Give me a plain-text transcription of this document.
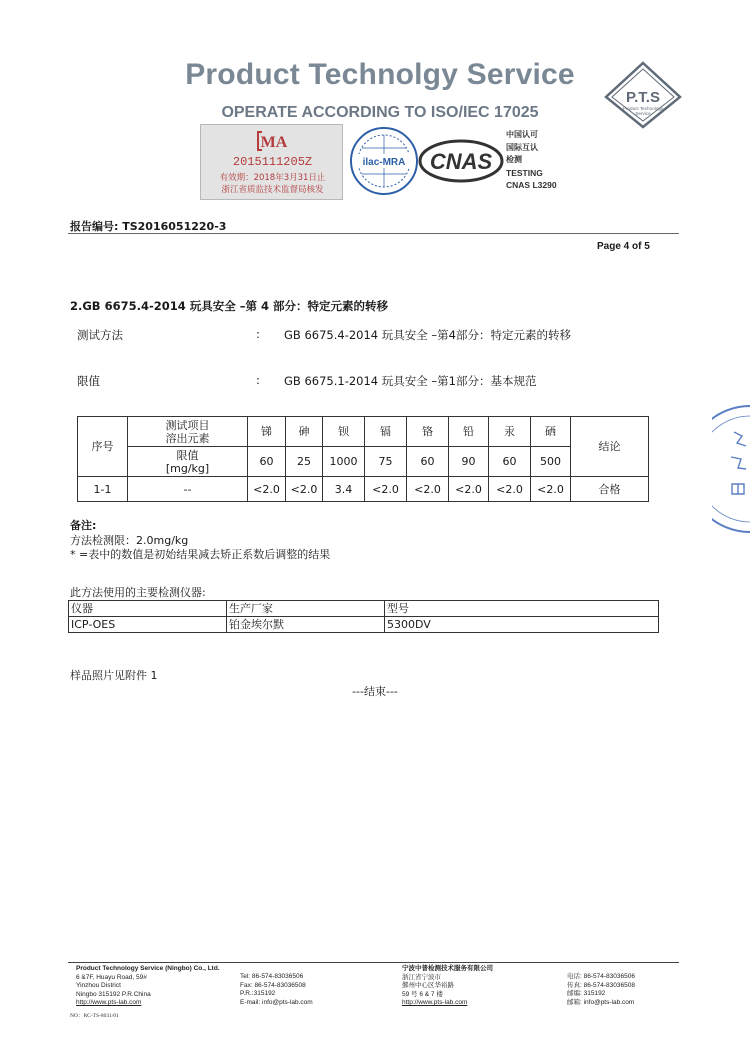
Product Technolgy Service
OPERATE ACCORDING TO ISO/IEC 17025
P.T.S
Product Technology
Service
MA
2015111205Z
有效期：2018年3月31日止
浙江省质监技术监督局核发
ilac-MRA CNAS
中国认可
国际互认
检测
TESTING
CNAS L3290
报告编号: TS2016051220-3
Page 4 of 5
2.GB 6675.4-2014 玩具安全 –第 4 部分：特定元素的转移
测试方法	: GB 6675.4-2014 玩具安全 –第4部分：特定元素的转移
限值	: GB 6675.1-2014 玩具安全 –第1部分：基本规范
序号	测试项目 溶出元素	锑	砷	钡	镉	铬	铅	汞	硒	结论
	限值 [mg/kg]	60	25	1000	75	60	90	60	500	
1-1	--	<2.0	<2.0	3.4	<2.0	<2.0	<2.0	<2.0	<2.0	合格
备注:
方法检测限：2.0mg/kg
* =表中的数值是初始结果减去矫正系数后调整的结果
此方法使用的主要检测仪器:
仪器	生产厂家	型号
ICP-OES	铂金埃尔默	5300DV
样品照片见附件 1
---结束---
Product Technology Service (Ningbo) Co., Ltd.
6 &7F, Huayu Road, 59#
Yinzhou District
Ningbo 315192 P.R.China
http://www.pts-lab.com
Tel: 86-574-83036506
Fax: 86-574-83036508
P.R.:315192
E-mail: info@pts-lab.com
宁波中普检测技术服务有限公司
浙江省宁波市
鄞州中心区华裕路
59 号 6 & 7 楼
http://www.pts-lab.com
电话: 86-574-83036506
传真: 86-574-83036508
邮编: 315192
邮箱: info@pts-lab.com
NO：RC-TS-8031/01
